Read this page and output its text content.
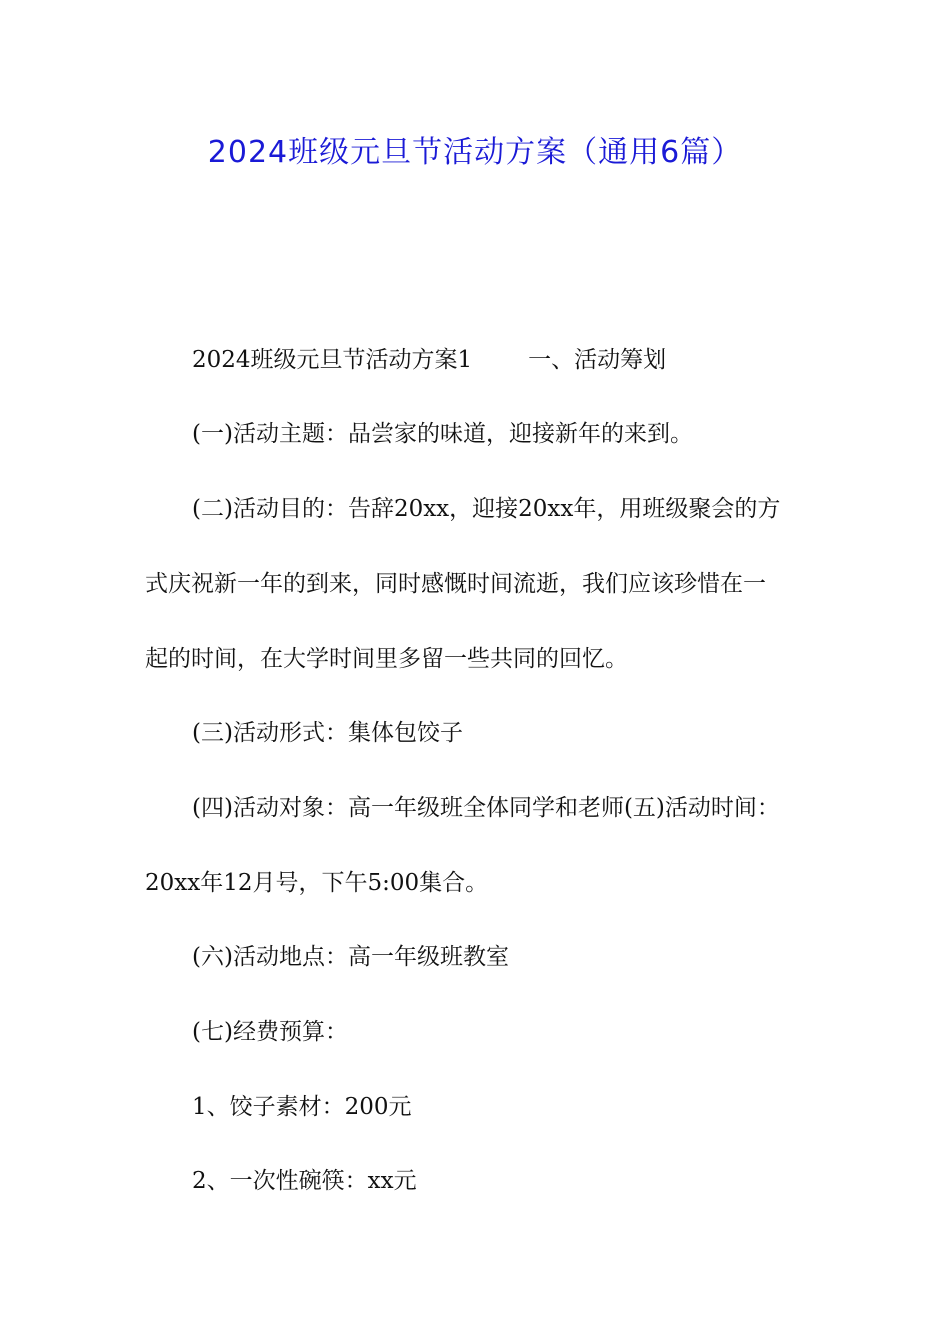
2024班级元旦节活动方案（通用6篇）
2024班级元旦节活动方案1 一、活动筹划
(一)活动主题：品尝家的味道，迎接新年的来到。
(二)活动目的：告辞20xx，迎接20xx年，用班级聚会的方
式庆祝新一年的到来，同时感慨时间流逝，我们应该珍惜在一
起的时间，在大学时间里多留一些共同的回忆。
(三)活动形式：集体包饺子
(四)活动对象：高一年级班全体同学和老师(五)活动时间：
20xx年12月号，下午5:00集合。
(六)活动地点：高一年级班教室
(七)经费预算：
1、饺子素材：200元
2、一次性碗筷：xx元
